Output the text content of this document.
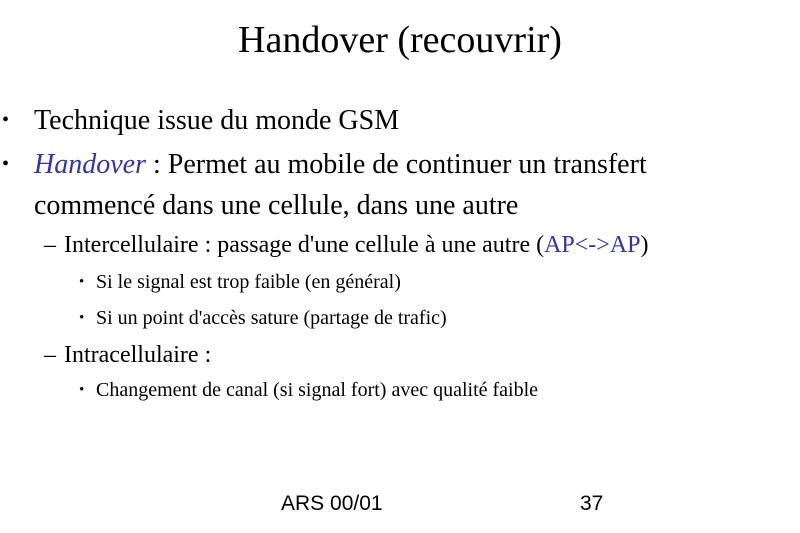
Handover (recouvrir)
• Technique issue du monde GSM
• Handover : Permet au mobile de continuer un transfert
commencé dans une cellule, dans une autre
– Intercellulaire : passage d'une cellule à une autre (AP<->AP)
• Si le signal est trop faible (en général)
• Si un point d'accès sature (partage de trafic)
– Intracellulaire :
• Changement de canal (si signal fort) avec qualité faible
ARS 00/01	37
